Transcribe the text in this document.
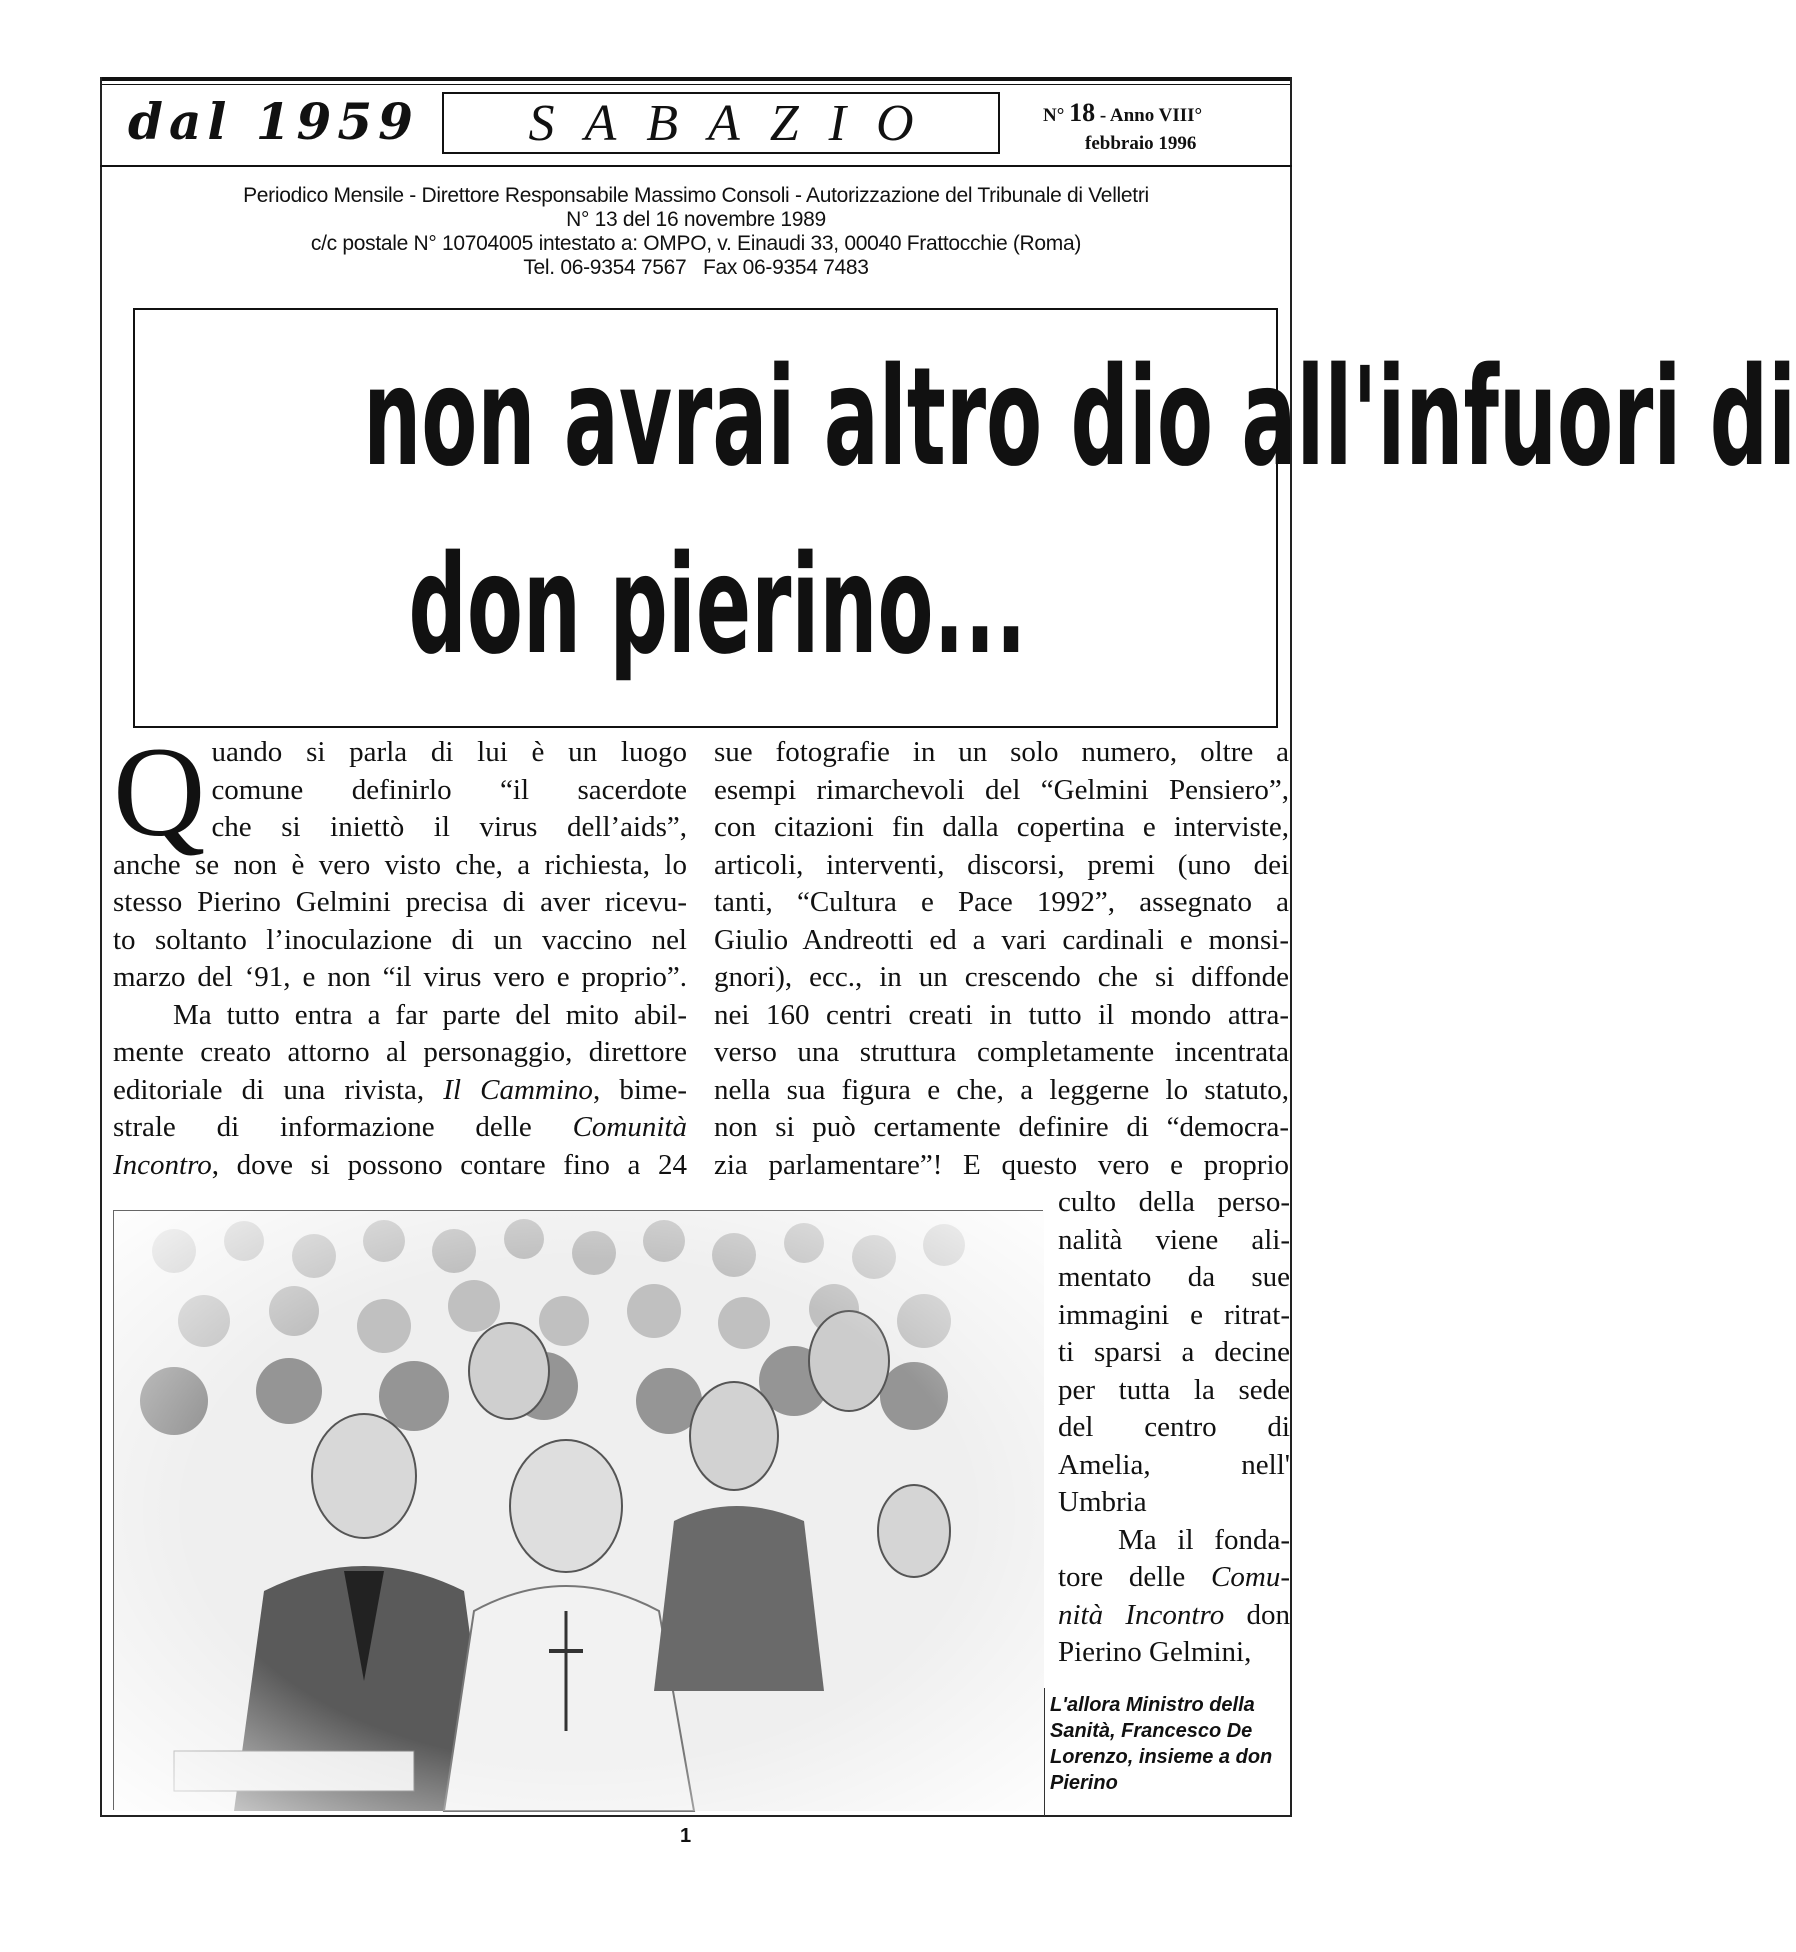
dal 1959	SABAZIO	N° 18 - Anno VIII°
febbraio 1996
Periodico Mensile - Direttore Responsabile Massimo Consoli - Autorizzazione del Tribunale di Velletri
N° 13 del 16 novembre 1989
c/c postale N° 10704005 intestato a: OMPO, v. Einaudi 33, 00040 Frattocchie (Roma)
Tel. 06-9354 7567   Fax 06-9354 7483
non avrai altro dio all'infuori di
don pierino...
Q uando si parla di lui è un luogo
comune definirlo “il sacerdote
che si iniettò il virus dell’aids”,
anche se non è vero visto che, a richiesta, lo
stesso Pierino Gelmini precisa di aver ricevu-
to soltanto l’inoculazione di un vaccino nel
marzo del ‘91, e non “il virus vero e proprio”.
Ma tutto entra a far parte del mito abil-
mente creato attorno al personaggio, direttore
editoriale di una rivista, Il Cammino, bime-
strale di informazione delle Comunità
Incontro, dove si possono contare fino a 24
sue fotografie in un solo numero, oltre a
esempi rimarchevoli del “Gelmini Pensiero”,
con citazioni fin dalla copertina e interviste,
articoli, interventi, discorsi, premi (uno dei
tanti, “Cultura e Pace 1992”, assegnato a
Giulio Andreotti ed a vari cardinali e monsi-
gnori), ecc., in un crescendo che si diffonde
nei 160 centri creati in tutto il mondo attra-
verso una struttura completamente incentrata
nella sua figura e che, a leggerne lo statuto,
non si può certamente definire di “democra-
zia parlamentare”! E questo vero e proprio
culto della perso-
nalità viene ali-
mentato da sue
immagini e ritrat-
ti sparsi a decine
per tutta la sede
del centro di
Amelia, nell'
Umbria
Ma il fonda-
tore delle Comu-
nità Incontro don
Pierino Gelmini,
L'allora Ministro della Sanità, Francesco De Lorenzo, insieme a don Pierino
1
